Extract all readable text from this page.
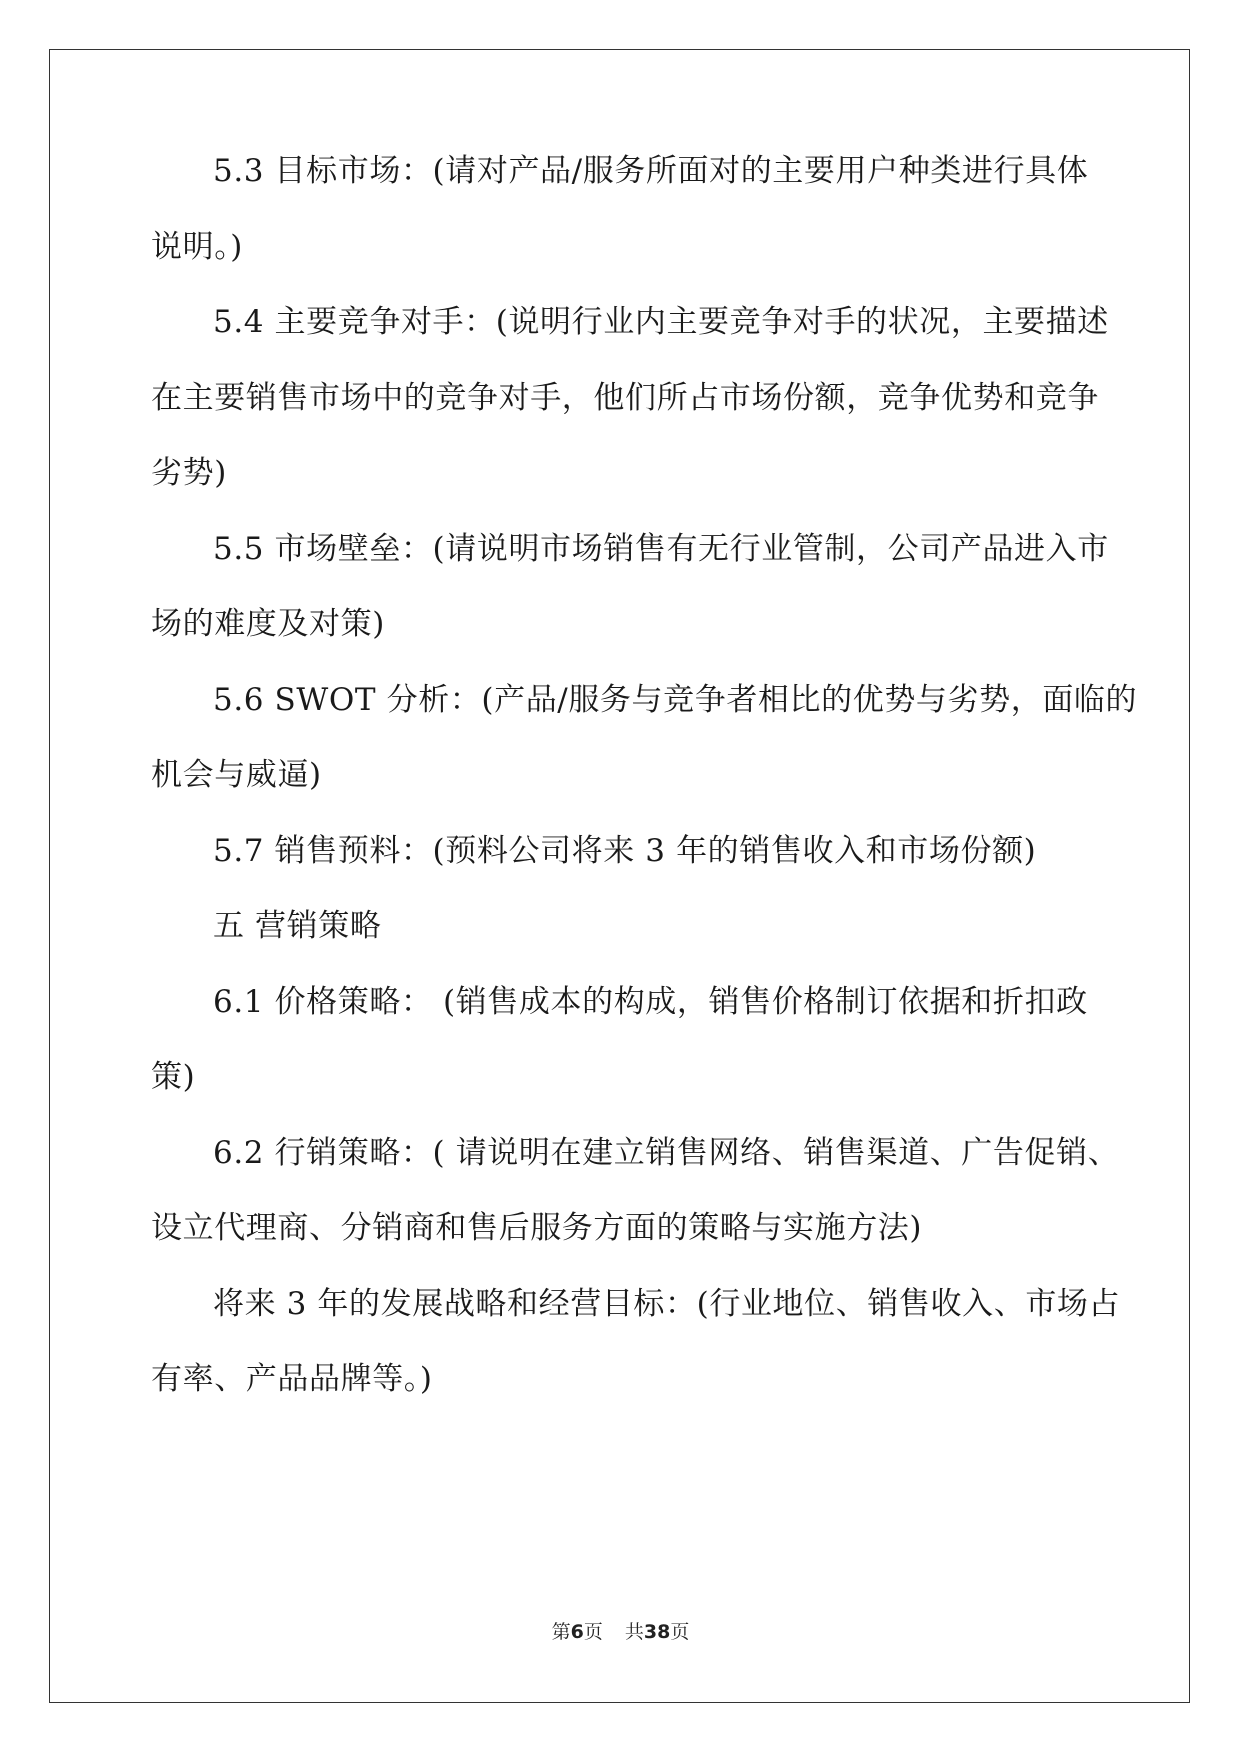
5.3 目标市场：(请对产品/服务所面对的主要用户种类进行具体
说明。)
5.4 主要竞争对手：(说明行业内主要竞争对手的状况，主要描述
在主要销售市场中的竞争对手，他们所占市场份额，竞争优势和竞争
劣势)
5.5 市场壁垒：(请说明市场销售有无行业管制，公司产品进入市
场的难度及对策)
5.6 SWOT 分析：(产品/服务与竞争者相比的优势与劣势，面临的
机会与威逼)
5.7 销售预料：(预料公司将来 3 年的销售收入和市场份额)
五 营销策略
6.1 价格策略： (销售成本的构成，销售价格制订依据和折扣政
策)
6.2 行销策略：( 请说明在建立销售网络、销售渠道、广告促销、
设立代理商、分销商和售后服务方面的策略与实施方法)
将来 3 年的发展战略和经营目标：(行业地位、销售收入、市场占
有率、产品品牌等。)
第6页 共38页
